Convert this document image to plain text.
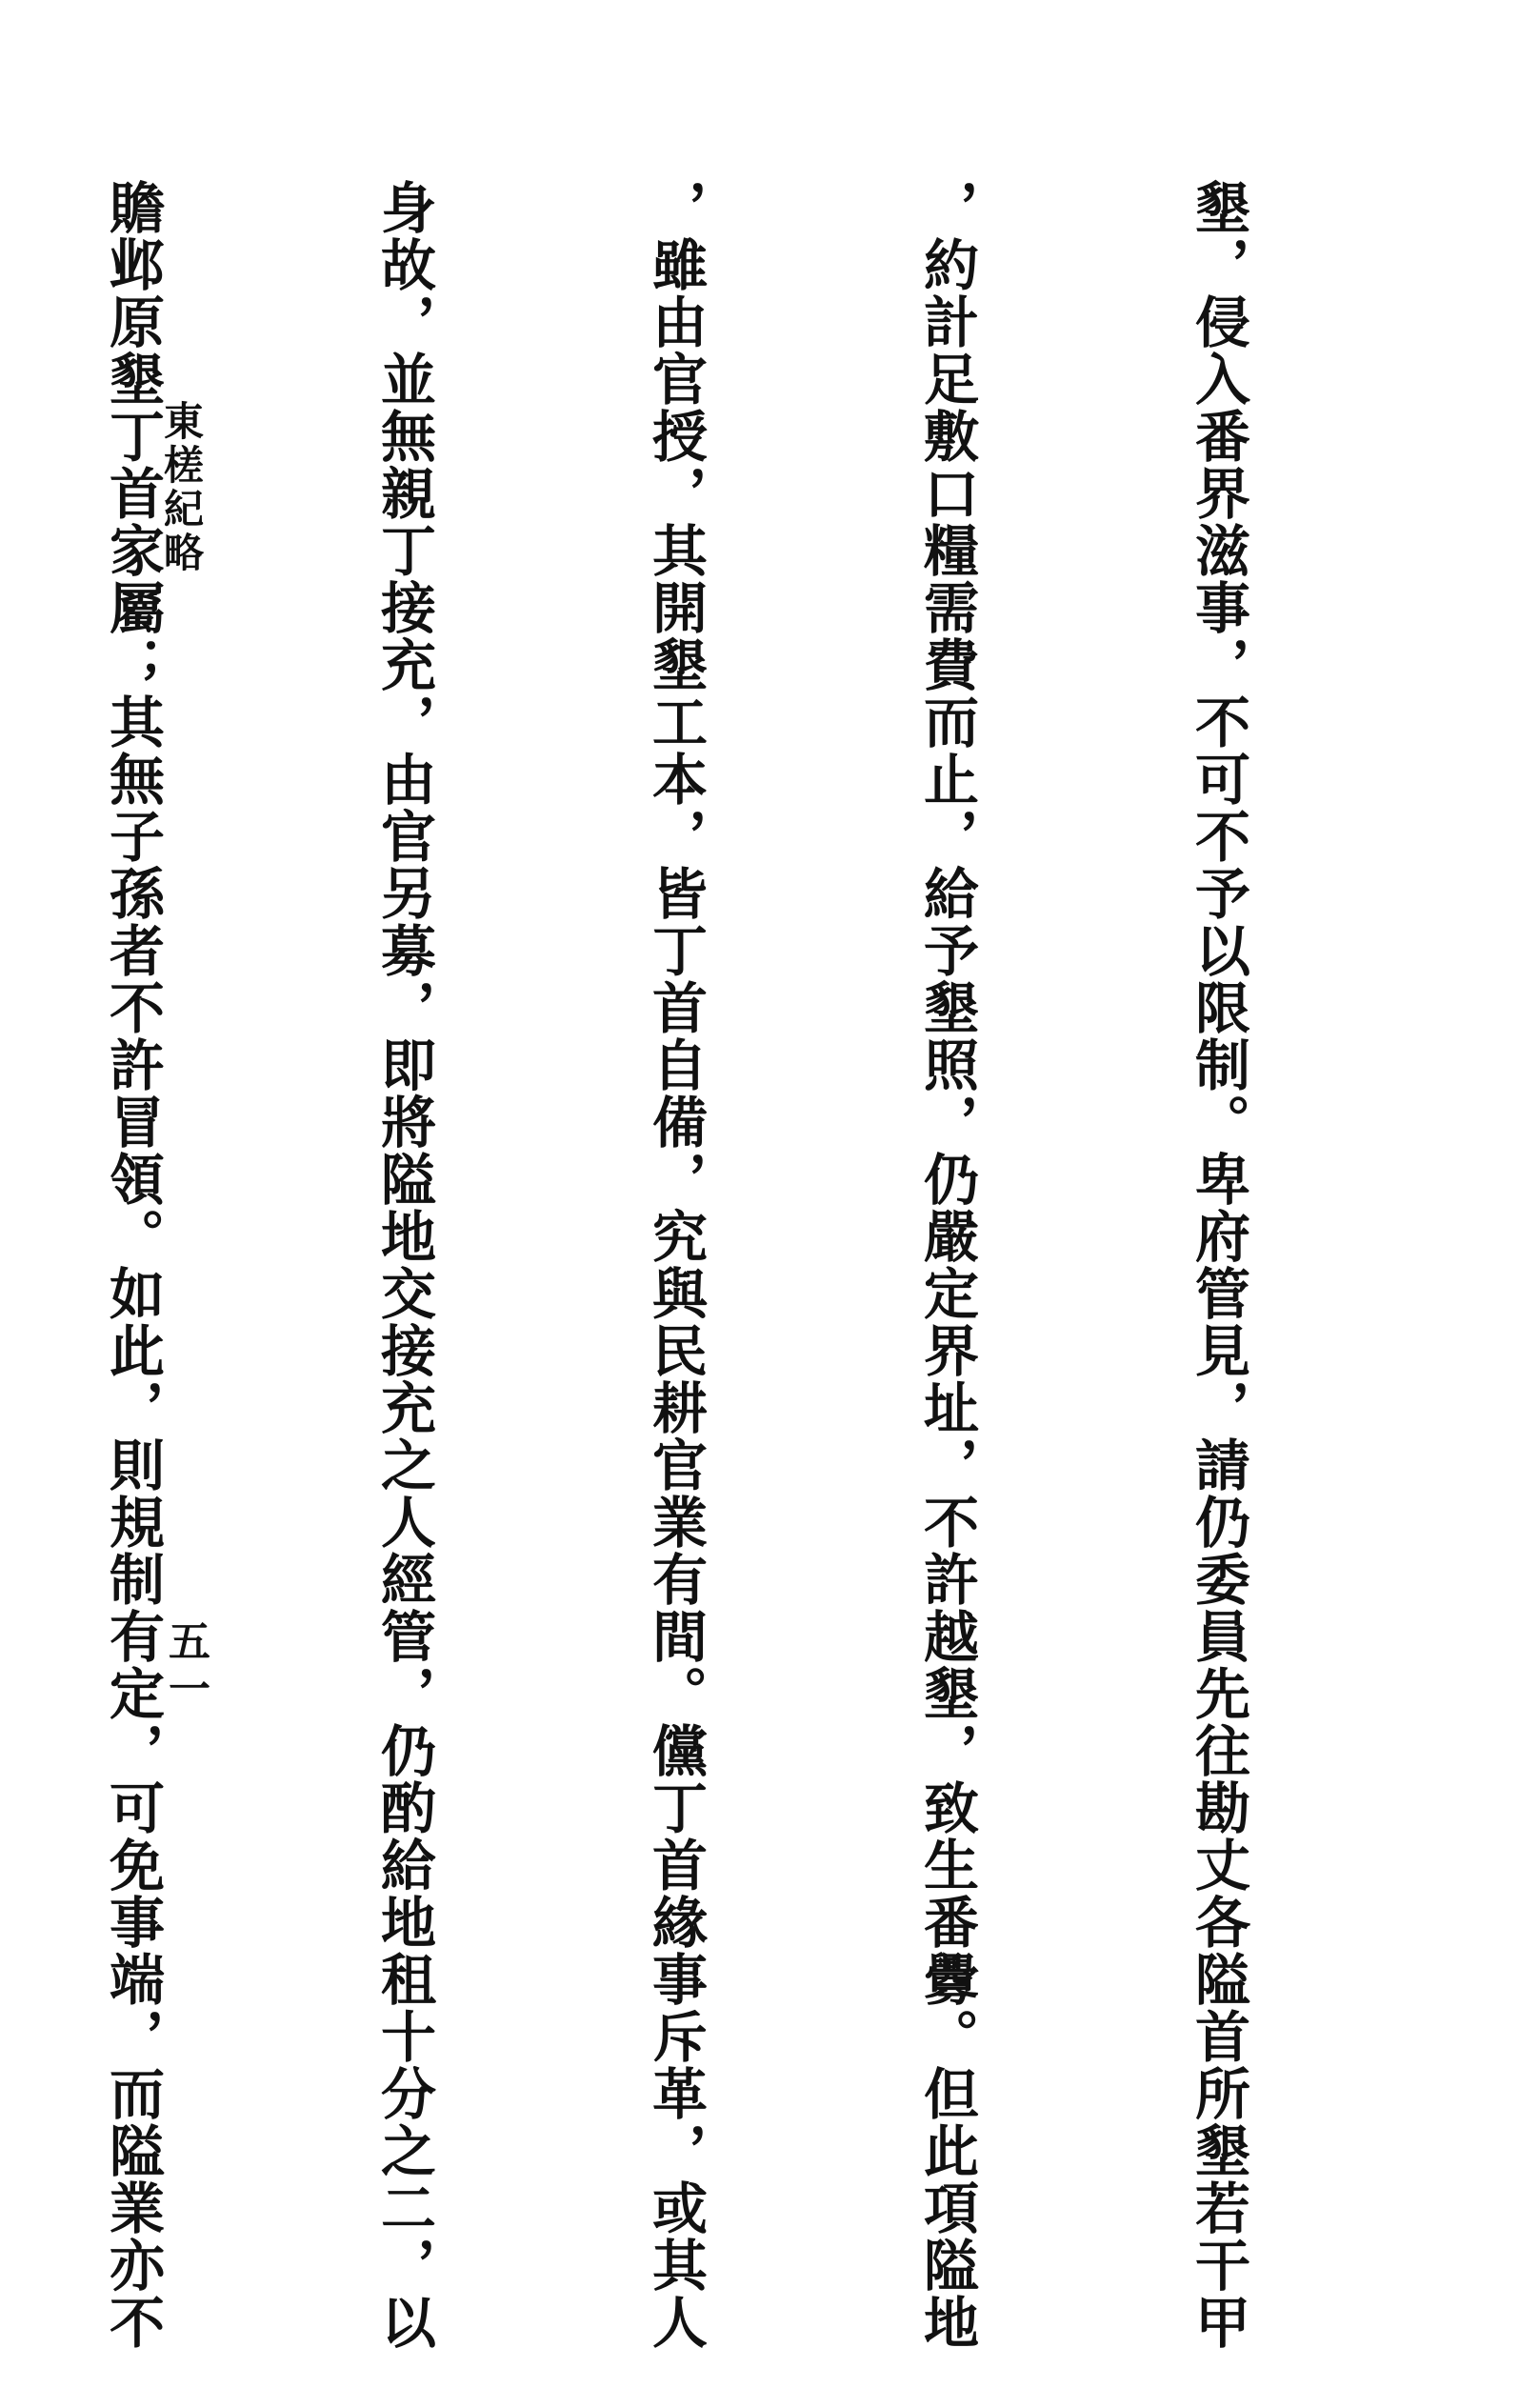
墾，侵入番界滋事，不可不予以限制。卑府管見，請仍委員先往勘丈各隘首所墾若干甲

，約計足敷口糧需費而止，給予墾照，仍嚴定界址，不許越墾，致生番釁。但此項隘地

，雖由官授，其開墾工本，皆丁首自備，究與民耕官業有間。儻丁首緣事斥革，或其人

身故，並無親丁接充，由官另募，即將隘地交接充之人經管，仍酌給地租十分之二，以

贍邺原墾丁首家屬；其無子孫者不許冒領。如此，則規制有定，可免事端，而隘業亦不

東槎紀略
五一
